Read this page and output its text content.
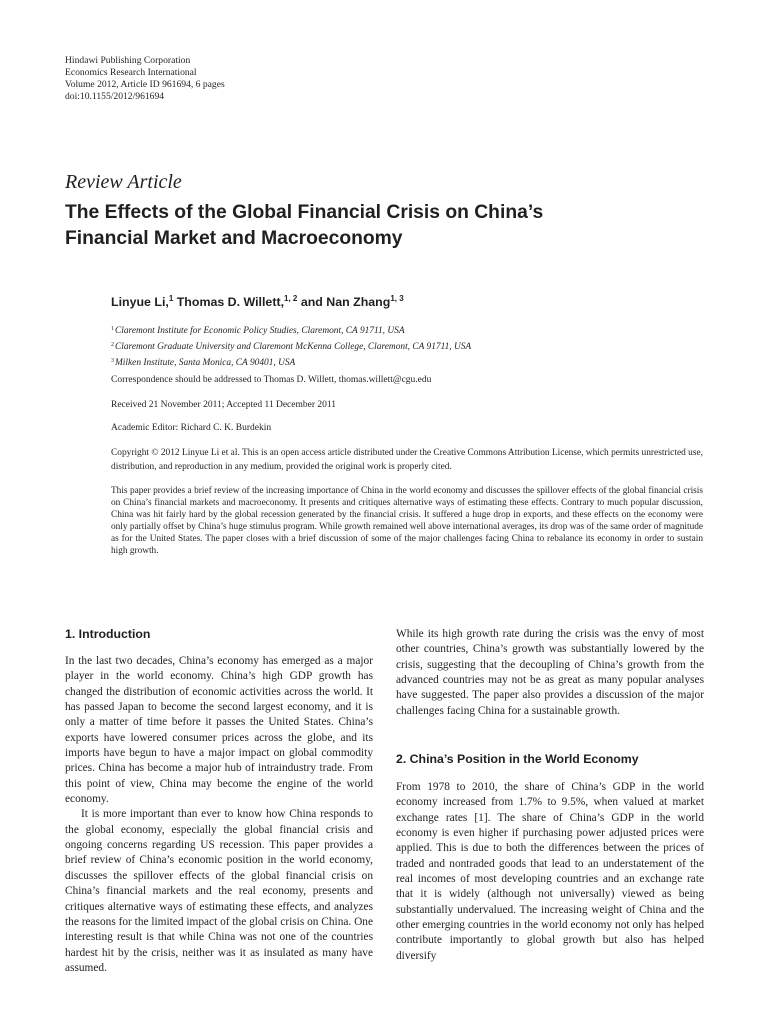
Hindawi Publishing Corporation
Economics Research International
Volume 2012, Article ID 961694, 6 pages
doi:10.1155/2012/961694
Review Article
The Effects of the Global Financial Crisis on China’s
Financial Market and Macroeconomy
Linyue Li,$^1$ Thomas D. Willett,$^{1, 2}$ and Nan Zhang$^{1, 3}$
$^1$Claremont Institute for Economic Policy Studies, Claremont, CA 91711, USA
$^2$Claremont Graduate University and Claremont McKenna College, Claremont, CA 91711, USA
$^3$Milken Institute, Santa Monica, CA 90401, USA
Correspondence should be addressed to Thomas D. Willett, thomas.willett@cgu.edu
Received 21 November 2011; Accepted 11 December 2011
Academic Editor: Richard C. K. Burdekin
Copyright © 2012 Linyue Li et al. This is an open access article distributed under the Creative Commons Attribution License, which permits unrestricted use, distribution, and reproduction in any medium, provided the original work is properly cited.
This paper provides a brief review of the increasing importance of China in the world economy and discusses the spillover effects of the global financial crisis on China’s financial markets and macroeconomy. It presents and critiques alternative ways of estimating these effects. Contrary to much popular discussion, China was hit fairly hard by the global recession generated by the financial crisis. It suffered a huge drop in exports, and these effects on the economy were only partially offset by China’s huge stimulus program. While growth remained well above international averages, its drop was of the same order of magnitude as for the United States. The paper closes with a brief discussion of some of the major challenges facing China to rebalance its economy in order to sustain high growth.
1. Introduction

In the last two decades, China’s economy has emerged as a major player in the world economy. China’s high GDP growth has changed the distribution of economic activities across the world. It has passed Japan to become the second largest economy, and it is only a matter of time before it passes the United States. China’s exports have lowered consumer prices across the globe, and its imports have begun to have a major impact on global commodity prices. China has become a major hub of intraindustry trade. From this point of view, China may become the engine of the world economy.

It is more important than ever to know how China responds to the global economy, especially the global financial crisis and ongoing concerns regarding US recession. This paper provides a brief review of China’s economic position in the world economy, discusses the spillover effects of the global financial crisis on China’s financial markets and the real economy, presents and critiques alternative ways of estimating these effects, and analyzes the reasons for the limited impact of the global crisis on China. One interesting result is that while China was not one of the countries hardest hit by the crisis, neither was it as insulated as many have assumed.

While its high growth rate during the crisis was the envy of most other countries, China’s growth was substantially lowered by the crisis, suggesting that the decoupling of China’s growth from the advanced countries may not be as great as many popular analyses have suggested. The paper also provides a discussion of the major challenges facing China for a sustainable growth.

2. China’s Position in the World Economy

From 1978 to 2010, the share of China’s GDP in the world economy increased from 1.7% to 9.5%, when valued at market exchange rates [1]. The share of China’s GDP in the world economy is even higher if purchasing power adjusted prices were applied. This is due to both the differences between the prices of traded and nontraded goods that lead to an understatement of the real incomes of most developing countries and an exchange rate that it is widely (although not universally) viewed as being substantially undervalued. The increasing weight of China and the other emerging countries in the world economy not only has helped contribute importantly to global growth but also has helped diversify
